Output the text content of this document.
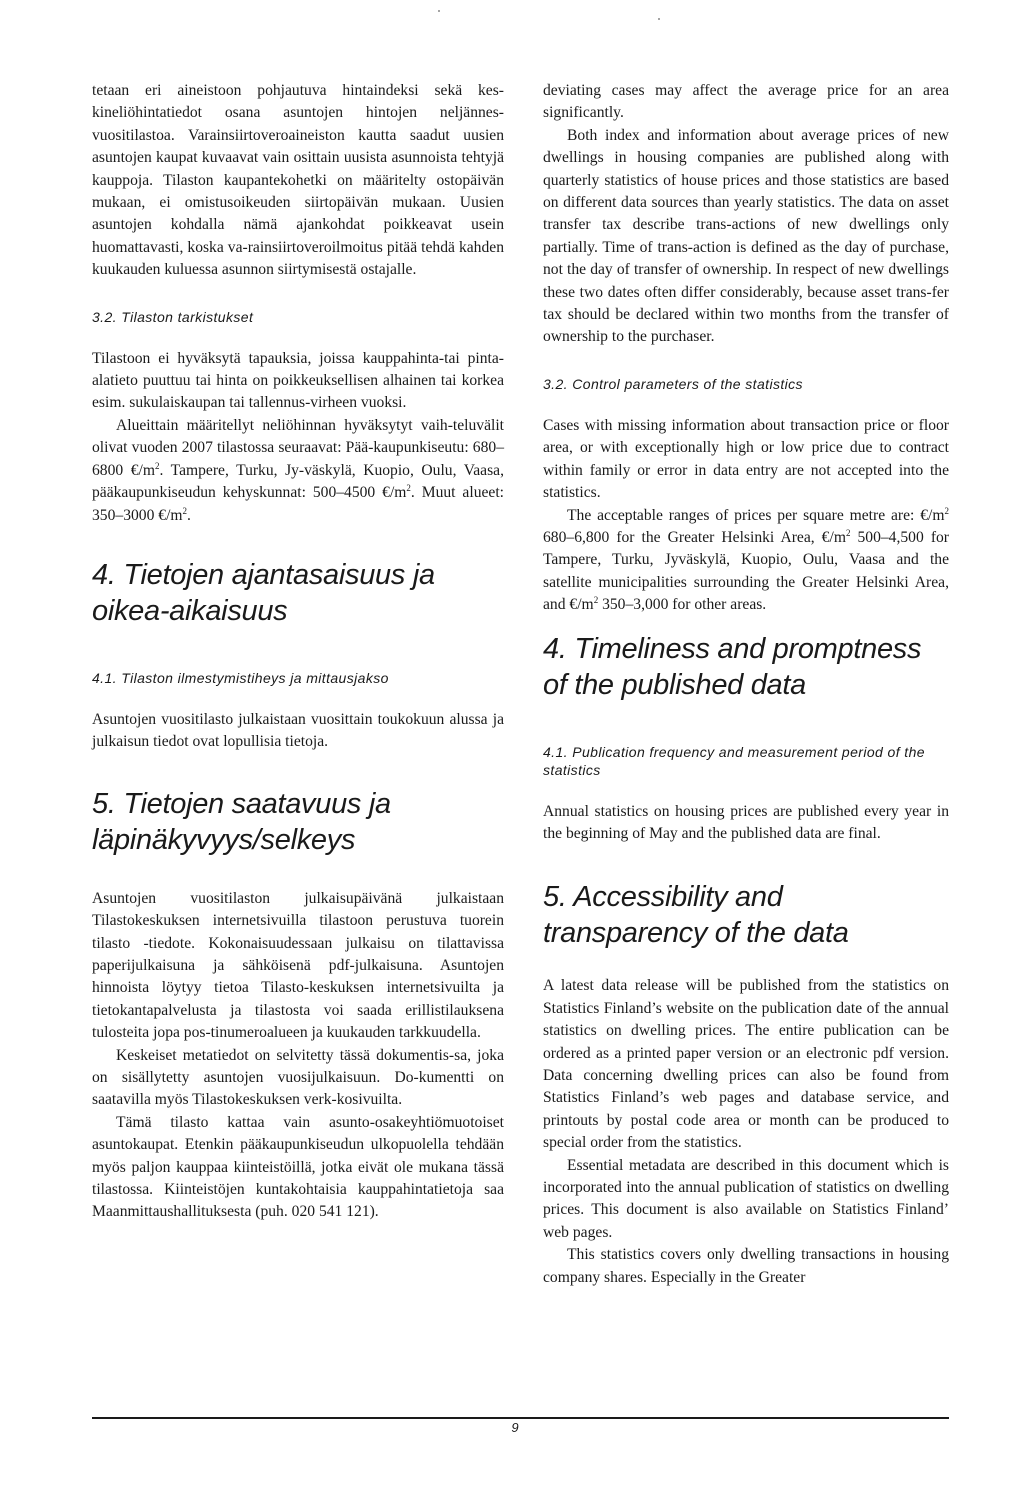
tetaan eri aineistoon pohjautuva hintaindeksi sekä kes-kineliöhintatiedot osana asuntojen hintojen neljännes-vuositilastoa. Varainsiirtoveroaineiston kautta saadut uusien asuntojen kaupat kuvaavat vain osittain uusista asunnoista tehtyjä kauppoja. Tilaston kaupantekohetki on määritelty ostopäivän mukaan, ei omistusoikeuden siirtopäivän mukaan. Uusien asuntojen kohdalla nämä ajankohdat poikkeavat usein huomattavasti, koska va-rainsiirtoveroilmoitus pitää tehdä kahden kuukauden kuluessa asunnon siirtymisestä ostajalle.

3.2. Tilaston tarkistukset

Tilastoon ei hyväksytä tapauksia, joissa kauppahinta-tai pinta-alatieto puuttuu tai hinta on poikkeuksellisen alhainen tai korkea esim. sukulaiskaupan tai tallennus-virheen vuoksi.

Alueittain määritellyt neliöhinnan hyväksytyt vaih-teluvälit olivat vuoden 2007 tilastossa seuraavat: Pää-kaupunkiseutu: 680–6800 $€/m^2$. Tampere, Turku, Jy-väskylä, Kuopio, Oulu, Vaasa, pääkaupunkiseudun kehyskunnat: 500–4500 $€/m^2$. Muut alueet: 350–3000 $€/m^2$.

4. Tietojen ajantasaisuus ja oikea-aikaisuus

4.1. Tilaston ilmestymistiheys ja mittausjakso

Asuntojen vuositilasto julkaistaan vuosittain toukokuun alussa ja julkaisun tiedot ovat lopullisia tietoja.

5. Tietojen saatavuus ja läpinäkyvyys/selkeys

Asuntojen vuositilaston julkaisupäivänä julkaistaan Tilastokeskuksen internetsivuilla tilastoon perustuva tuorein tilasto -tiedote. Kokonaisuudessaan julkaisu on tilattavissa paperijulkaisuna ja sähköisenä pdf-julkaisuna. Asuntojen hinnoista löytyy tietoa Tilasto-keskuksen internetsivuilta ja tietokantapalvelusta ja tilastosta voi saada erillistilauksena tulosteita jopa pos-tinumeroalueen ja kuukauden tarkkuudella.

Keskeiset metatiedot on selvitetty tässä dokumentis-sa, joka on sisällytetty asuntojen vuosijulkaisuun. Do-kumentti on saatavilla myös Tilastokeskuksen verk-kosivuilta.

Tämä tilasto kattaa vain asunto-osakeyhtiömuotoiset asuntokaupat. Etenkin pääkaupunkiseudun ulkopuolella tehdään myös paljon kauppaa kiinteistöillä, jotka eivät ole mukana tässä tilastossa. Kiinteistöjen kuntakohtaisia kauppahintatietoja saa Maanmittaushallituksesta (puh. 020 541 121).

deviating cases may affect the average price for an area significantly.

Both index and information about average prices of new dwellings in housing companies are published along with quarterly statistics of house prices and those statistics are based on different data sources than yearly statistics. The data on asset transfer tax describe trans-actions of new dwellings only partially. Time of trans-action is defined as the day of purchase, not the day of transfer of ownership. In respect of new dwellings these two dates often differ considerably, because asset trans-fer tax should be declared within two months from the transfer of ownership to the purchaser.

3.2. Control parameters of the statistics

Cases with missing information about transaction price or floor area, or with exceptionally high or low price due to contract within family or error in data entry are not accepted into the statistics.

The acceptable ranges of prices per square metre are: $€/m^2$ 680–6,800 for the Greater Helsinki Area, $€/m^2$ 500–4,500 for Tampere, Turku, Jyväskylä, Kuopio, Oulu, Vaasa and the satellite municipalities surrounding the Greater Helsinki Area, and $€/m^2$ 350–3,000 for other areas.

4. Timeliness and promptness of the published data

4.1. Publication frequency and measurement period of the statistics

Annual statistics on housing prices are published every year in the beginning of May and the published data are final.

5. Accessibility and transparency of the data

A latest data release will be published from the statistics on Statistics Finland’s website on the publication date of the annual statistics on dwelling prices. The entire publication can be ordered as a printed paper version or an electronic pdf version. Data concerning dwelling prices can also be found from Statistics Finland’s web pages and database service, and printouts by postal code area or month can be produced to special order from the statistics.

Essential metadata are described in this document which is incorporated into the annual publication of statistics on dwelling prices. This document is also available on Statistics Finland’ web pages.

This statistics covers only dwelling transactions in housing company shares. Especially in the Greater

9
